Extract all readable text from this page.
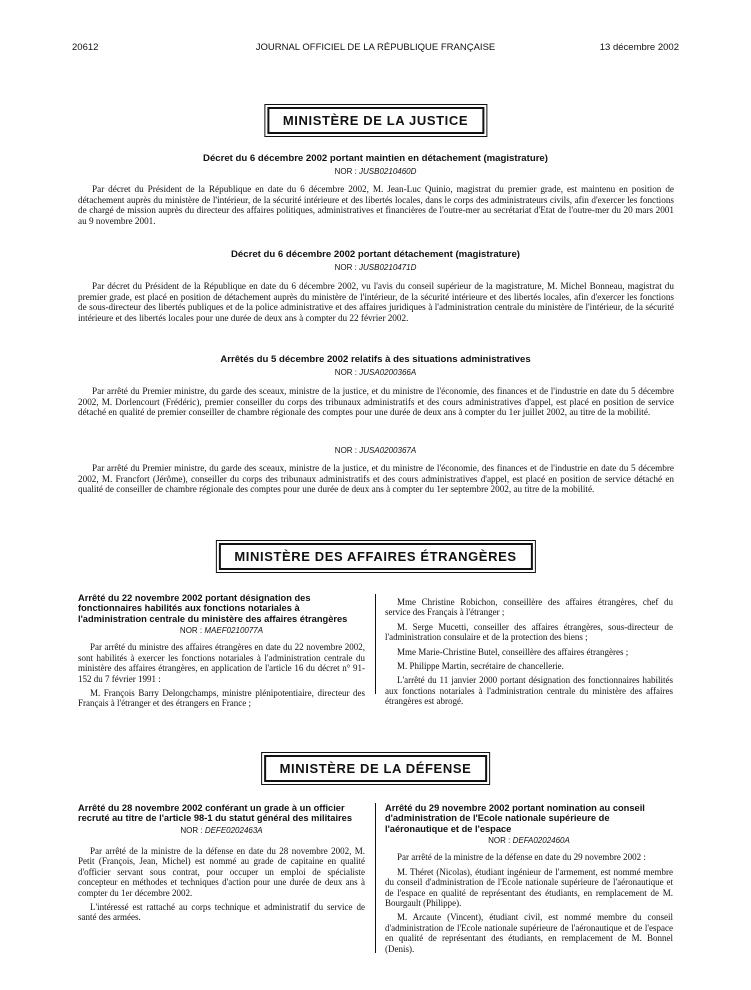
20612	JOURNAL OFFICIEL DE LA RÉPUBLIQUE FRANÇAISE	13 décembre 2002
MINISTÈRE DE LA JUSTICE
Décret du 6 décembre 2002 portant maintien en détachement (magistrature)
NOR : JUSB0210460D
Par décret du Président de la République en date du 6 décembre 2002, M. Jean-Luc Quinio, magistrat du premier grade, est maintenu en position de détachement auprès du ministère de l'intérieur, de la sécurité intérieure et des libertés locales, dans le corps des administrateurs civils, afin d'exercer les fonctions de chargé de mission auprès du directeur des affaires politiques, administratives et financières de l'outre-mer au secrétariat d'Etat de l'outre-mer du 20 mars 2001 au 9 novembre 2001.
Décret du 6 décembre 2002 portant détachement (magistrature)
NOR : JUSB0210471D
Par décret du Président de la République en date du 6 décembre 2002, vu l'avis du conseil supérieur de la magistrature, M. Michel Bonneau, magistrat du premier grade, est placé en position de détachement auprès du ministère de l'intérieur, de la sécurité intérieure et des libertés locales, afin d'exercer les fonctions de sous-directeur des libertés publiques et de la police administrative et des affaires juridiques à l'administration centrale du ministère de l'intérieur, de la sécurité intérieure et des libertés locales pour une durée de deux ans à compter du 22 février 2002.
Arrêtés du 5 décembre 2002 relatifs à des situations administratives
NOR : JUSA0200366A
Par arrêté du Premier ministre, du garde des sceaux, ministre de la justice, et du ministre de l'économie, des finances et de l'industrie en date du 5 décembre 2002, M. Dorlencourt (Frédéric), premier conseiller du corps des tribunaux administratifs et des cours administratives d'appel, est placé en position de service détaché en qualité de premier conseiller de chambre régionale des comptes pour une durée de deux ans à compter du 1er juillet 2002, au titre de la mobilité.
NOR : JUSA0200367A
Par arrêté du Premier ministre, du garde des sceaux, ministre de la justice, et du ministre de l'économie, des finances et de l'industrie en date du 5 décembre 2002, M. Francfort (Jérôme), conseiller du corps des tribunaux administratifs et des cours administratives d'appel, est placé en position de service détaché en qualité de conseiller de chambre régionale des comptes pour une durée de deux ans à compter du 1er septembre 2002, au titre de la mobilité.
MINISTÈRE DES AFFAIRES ÉTRANGÈRES
Arrêté du 22 novembre 2002 portant désignation des fonctionnaires habilités aux fonctions notariales à l'administration centrale du ministère des affaires étrangères
NOR : MAEF0210077A

Par arrêté du ministre des affaires étrangères en date du 22 novembre 2002, sont habilités à exercer les fonctions notariales à l'administration centrale du ministère des affaires étrangères, en application de l'article 16 du décret n° 91-152 du 7 février 1991 :

M. François Barry Delongchamps, ministre plénipotentiaire, directeur des Français à l'étranger et des étrangers en France ;

Mme Christine Robichon, conseillère des affaires étrangères, chef du service des Français à l'étranger ;

M. Serge Mucetti, conseiller des affaires étrangères, sous-directeur de l'administration consulaire et de la protection des biens ;

Mme Marie-Christine Butel, conseillère des affaires étrangères ;

M. Philippe Martin, secrétaire de chancellerie.

L'arrêté du 11 janvier 2000 portant désignation des fonctionnaires habilités aux fonctions notariales à l'administration centrale du ministère des affaires étrangères est abrogé.

MINISTÈRE DE LA DÉFENSE
Arrêté du 28 novembre 2002 conférant un grade à un officier recruté au titre de l'article 98-1 du statut général des militaires
NOR : DEFE0202463A

Par arrêté de la ministre de la défense en date du 28 novembre 2002, M. Petit (François, Jean, Michel) est nommé au grade de capitaine en qualité d'officier servant sous contrat, pour occuper un emploi de spécialiste concepteur en méthodes et techniques d'action pour une durée de deux ans à compter du 1er décembre 2002.

L'intéressé est rattaché au corps technique et administratif du service de santé des armées.

Arrêté du 29 novembre 2002 portant nomination au conseil d'administration de l'Ecole nationale supérieure de l'aéronautique et de l'espace
NOR : DEFA0202460A

Par arrêté de la ministre de la défense en date du 29 novembre 2002 :

M. Théret (Nicolas), étudiant ingénieur de l'armement, est nommé membre du conseil d'administration de l'Ecole nationale supérieure de l'aéronautique et de l'espace en qualité de représentant des étudiants, en remplacement de M. Bourgault (Philippe).

M. Arcaute (Vincent), étudiant civil, est nommé membre du conseil d'administration de l'Ecole nationale supérieure de l'aéronautique et de l'espace en qualité de représentant des étudiants, en remplacement de M. Bonnel (Denis).
